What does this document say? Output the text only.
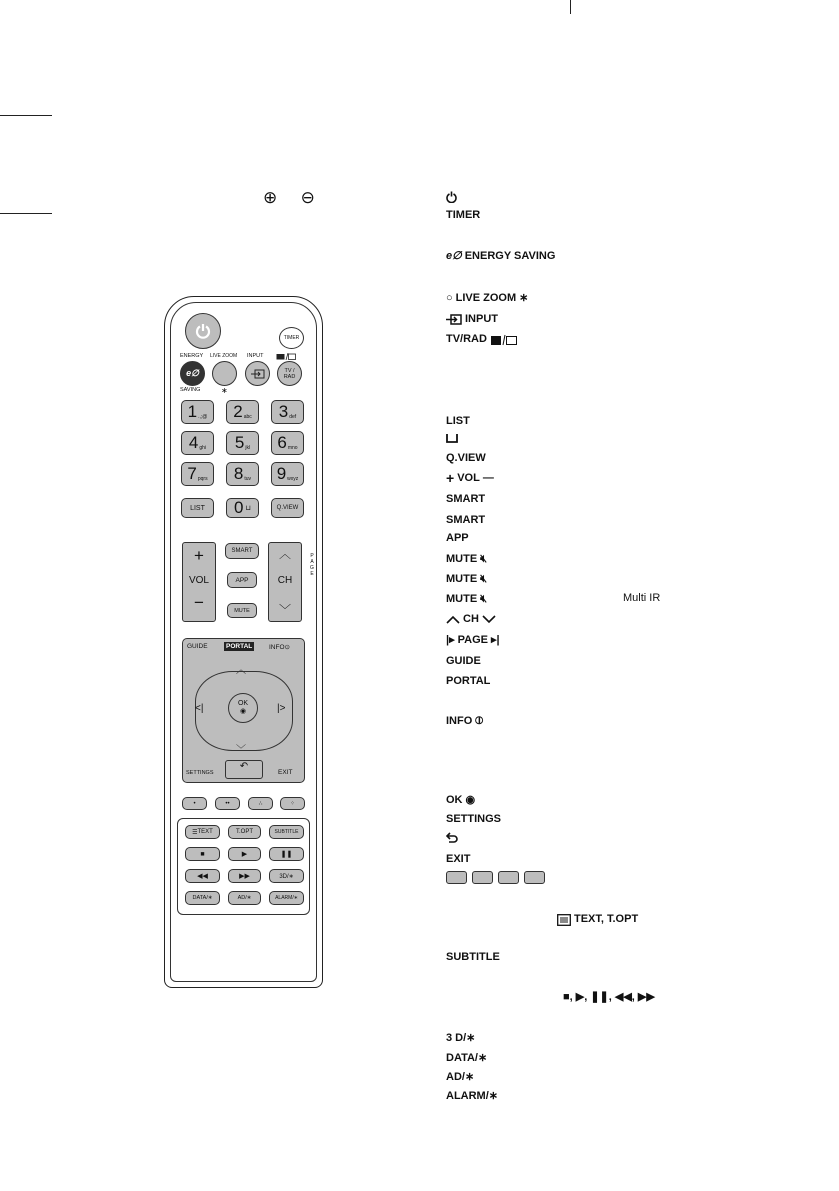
⊕ ⊖
TIMER
ENERGY LIVE ZOOM INPUT
e∅	TV /
RAD
SAVING	∗
LIST 0 ⊔	Q.VIEW
+
VOL
−
SMART
APP
MUTE
︿
CH
﹀
PAGE
GUIDE	PORTAL	INFO⊙
︿
<|	|>
OK
◉
﹀
SETTINGS
↶
EXIT
•	••	∴	⁘
☰ TEXT	T.OPT	SUBTITLE
■	▶	❚❚
◀◀	▶▶	3D/∗
DATA/∗	AD/∗	ALARM/∗
1 .,;@ 2 abc 3 def
4 ghi 5 jkl 6 mno
7 pqrs 8 tuv 9 wxyz
TIMER
e∅ ENERGY SAVING
○ LIVE ZOOM ∗
INPUT
TV/RAD
LIST
Q.VIEW
+ VOL —
SMART
SMART
APP
MUTE 🔇︎
MUTE 🔇︎
MUTE 🔇︎	Multi IR
CH
|▸ PAGE ▸|
GUIDE
PORTAL
INFO ⦶
OK ◉
SETTINGS
EXIT
TEXT, T.OPT
SUBTITLE
■, ▶, ❚❚, ◀◀, ▶▶
3 D/∗
DATA/∗
AD/∗
ALARM/∗
